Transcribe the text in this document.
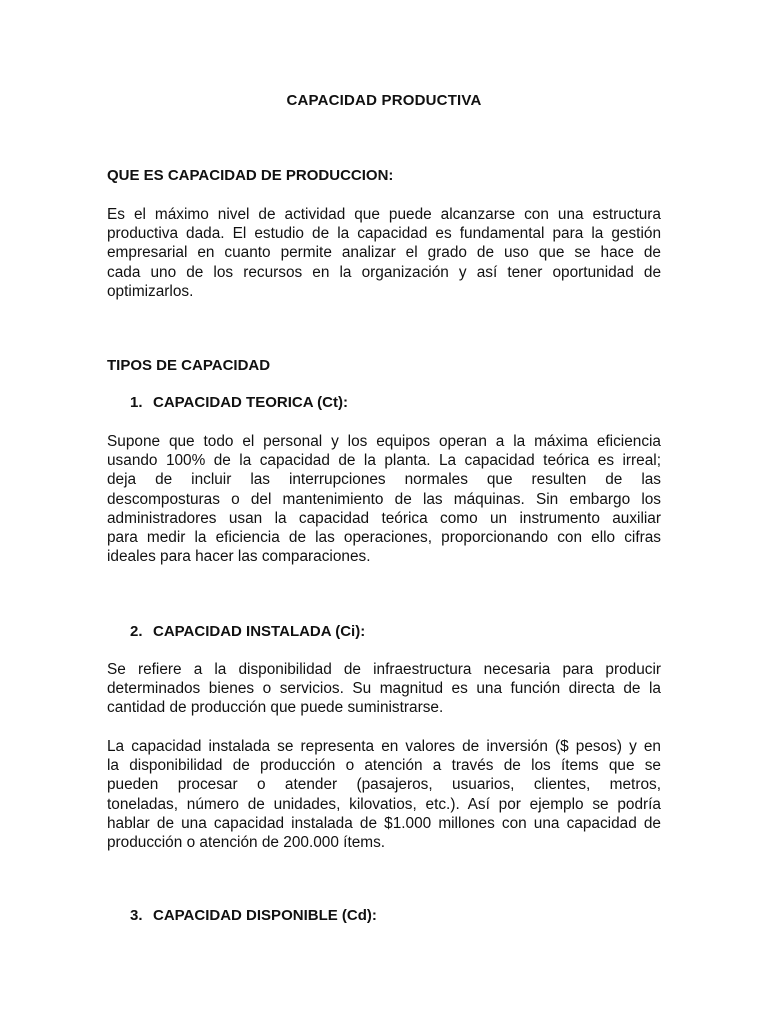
CAPACIDAD PRODUCTIVA
QUE ES CAPACIDAD DE PRODUCCION:
Es el máximo nivel de actividad que puede alcanzarse con una estructura
productiva dada. El estudio de la capacidad es fundamental para la gestión
empresarial en cuanto permite analizar el grado de uso que se hace de
cada uno de los recursos en la organización y así tener oportunidad de
optimizarlos.
TIPOS DE CAPACIDAD
1. CAPACIDAD TEORICA (Ct):
Supone que todo el personal y los equipos operan a la máxima eficiencia
usando 100% de la capacidad de la planta. La capacidad teórica es irreal;
deja de incluir las interrupciones normales que resulten de las
descomposturas o del mantenimiento de las máquinas. Sin embargo los
administradores usan la capacidad teórica como un instrumento auxiliar
para medir la eficiencia de las operaciones, proporcionando con ello cifras
ideales para hacer las comparaciones.
2. CAPACIDAD INSTALADA (Ci):
Se refiere a la disponibilidad de infraestructura necesaria para producir
determinados bienes o servicios. Su magnitud es una función directa de la
cantidad de producción que puede suministrarse.
La capacidad instalada se representa en valores de inversión ($ pesos) y en
la disponibilidad de producción o atención a través de los ítems que se
pueden procesar o atender (pasajeros, usuarios, clientes, metros,
toneladas, número de unidades, kilovatios, etc.). Así por ejemplo se podría
hablar de una capacidad instalada de $1.000 millones con una capacidad de
producción o atención de 200.000 ítems.
3. CAPACIDAD DISPONIBLE (Cd):
